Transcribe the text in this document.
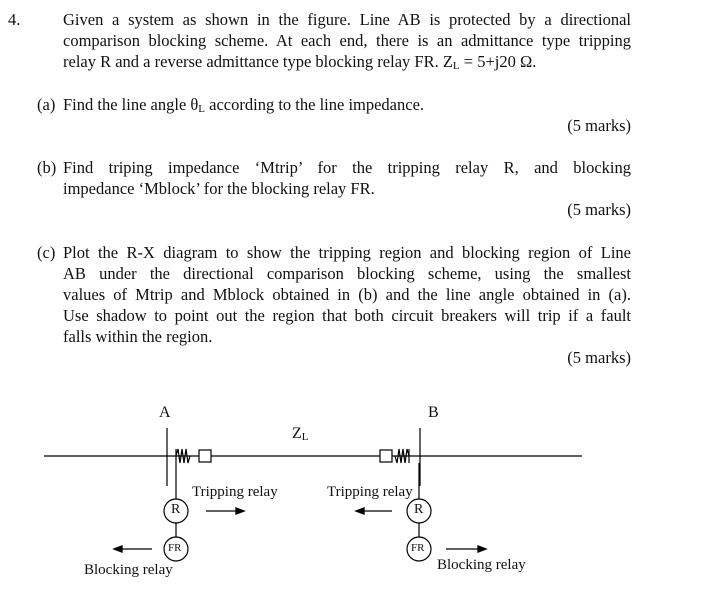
4.	Given a system as shown in the figure. Line AB is protected by a directional
comparison blocking scheme. At each end, there is an admittance type tripping
relay R and a reverse admittance type blocking relay FR. $Z_L = 5+j20$ Ω.
(a) Find the line angle $\theta_L$ according to the line impedance.
(5 marks)
(b) Find triping impedance ‘Mtrip’ for the tripping relay R, and blocking
impedance ‘Mblock’ for the blocking relay FR.
(5 marks)
(c) Plot the R-X diagram to show the tripping region and blocking region of Line
AB under the directional comparison blocking scheme, using the smallest
values of Mtrip and Mblock obtained in (b) and the line angle obtained in (a).
Use shadow to point out the region that both circuit breakers will trip if a fault
falls within the region.
(5 marks)
A	B
$Z_L$
R
FR
R
FR
Tripping relay	Tripping relay
Blocking relay	Blocking relay
